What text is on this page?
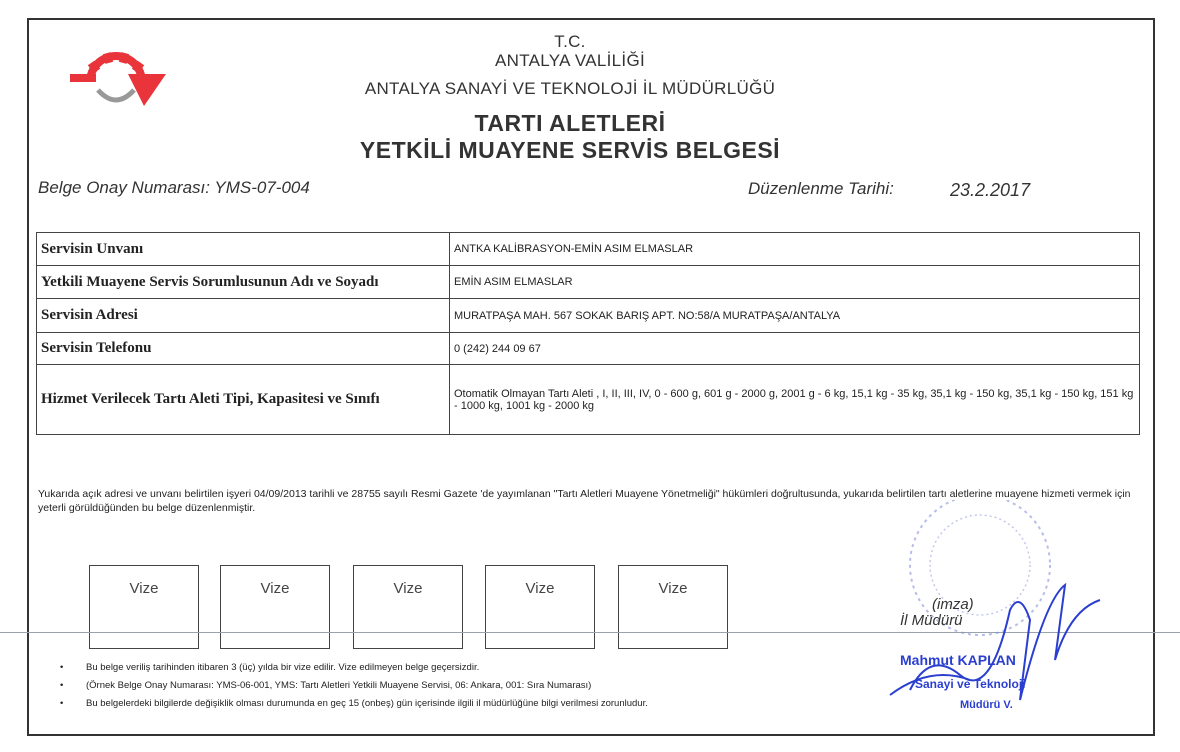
T.C.
ANTALYA VALİLİĞİ
ANTALYA SANAYİ VE TEKNOLOJİ İL MÜDÜRLÜĞÜ
TARTI ALETLERİ
YETKİLİ MUAYENE SERVİS BELGESİ
Belge Onay Numarası: YMS-07-004	Düzenlenme Tarihi:	23.2.2017
Servisin Unvanı	ANTKA KALİBRASYON-EMİN ASIM ELMASLAR
Yetkili Muayene Servis Sorumlusunun Adı ve Soyadı	EMİN ASIM ELMASLAR
Servisin Adresi	MURATPAŞA MAH. 567 SOKAK BARIŞ APT. NO:58/A MURATPAŞA/ANTALYA
Servisin Telefonu	0 (242) 244 09 67
Hizmet Verilecek Tartı Aleti Tipi, Kapasitesi ve Sınıfı	Otomatik Olmayan Tartı Aleti , I, II, III, IV, 0 - 600 g, 601 g - 2000 g, 2001 g - 6 kg, 15,1 kg - 35 kg, 35,1 kg - 150 kg, 35,1 kg - 150 kg, 151 kg - 1000 kg, 1001 kg - 2000 kg
Yukarıda açık adresi ve unvanı belirtilen işyeri 04/09/2013 tarihli ve 28755 sayılı Resmi Gazete 'de yayımlanan "Tartı Aletleri Muayene Yönetmeliği" hükümleri doğrultusunda, yukarıda belirtilen tartı aletlerine muayene hizmeti vermek için yeterli görüldüğünden bu belge düzenlenmiştir.
Vize	Vize	Vize	Vize	Vize
•	Bu belge veriliş tarihinden itibaren 3 (üç) yılda bir vize edilir. Vize edilmeyen belge geçersizdir.
•	(Örnek Belge Onay Numarası: YMS-06-001, YMS: Tartı Aletleri Yetkili Muayene Servisi, 06: Ankara, 001: Sıra Numarası)
•	Bu belgelerdeki bilgilerde değişiklik olması durumunda en geç 15 (onbeş) gün içerisinde ilgili il müdürlüğüne bilgi verilmesi zorunludur.
Mahmut KAPLAN
Sanayi ve Teknoloji
Müdürü V.
(imza)
İl Müdürü
